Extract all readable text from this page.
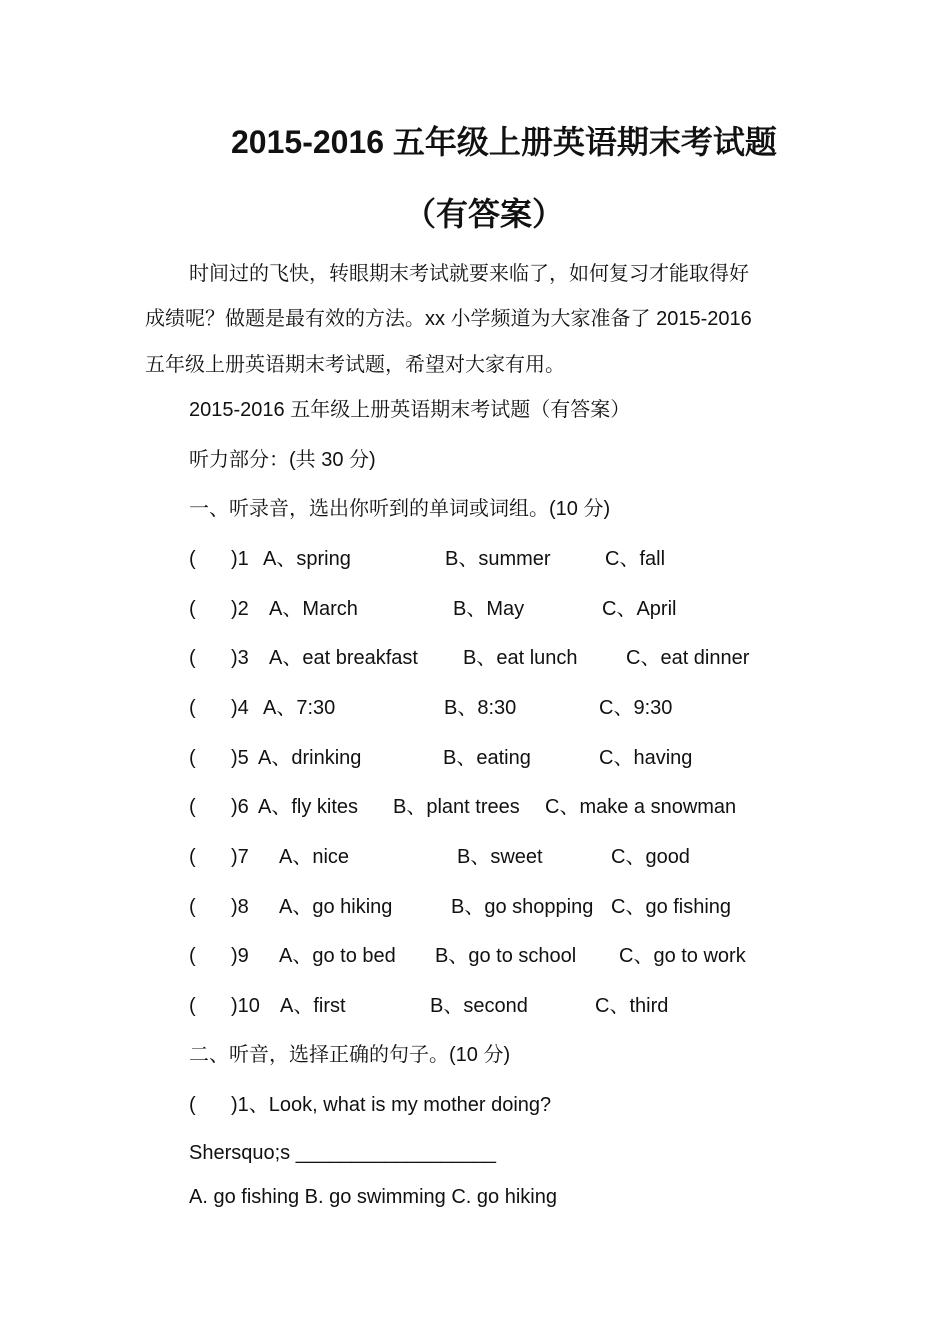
2015-2016 五年级上册英语期末考试题
（有答案）
时间过的飞快，转眼期末考试就要来临了，如何复习才能取得好
成绩呢？做题是最有效的方法。xx 小学频道为大家准备了 2015-2016
五年级上册英语期末考试题，希望对大家有用。
2015-2016 五年级上册英语期末考试题（有答案）
听力部分：(共 30 分)
一、听录音，选出你听到的单词或词组。(10 分)
( )1 A、spring	B、summer	C、fall
( )2 A、March	B、May	C、April
( )3 A、eat breakfast B、eat lunch C、eat dinner
( )4 A、7:30	B、8:30	C、9:30
( )5 A、drinking	B、eating	C、having
( )6 A、fly kites B、plant trees C、make a snowman
( )7 A、nice	B、sweet	C、good
( )8 A、go hiking	B、go shopping C、go fishing
( )9 A、go to bed B、go to school C、go to work
( )10 A、first	B、second	C、third
二、听音，选择正确的句子。(10 分)
( )1、Look, what is my mother doing?
Shersquo;s __________________
A. go fishing B. go swimming C. go hiking
